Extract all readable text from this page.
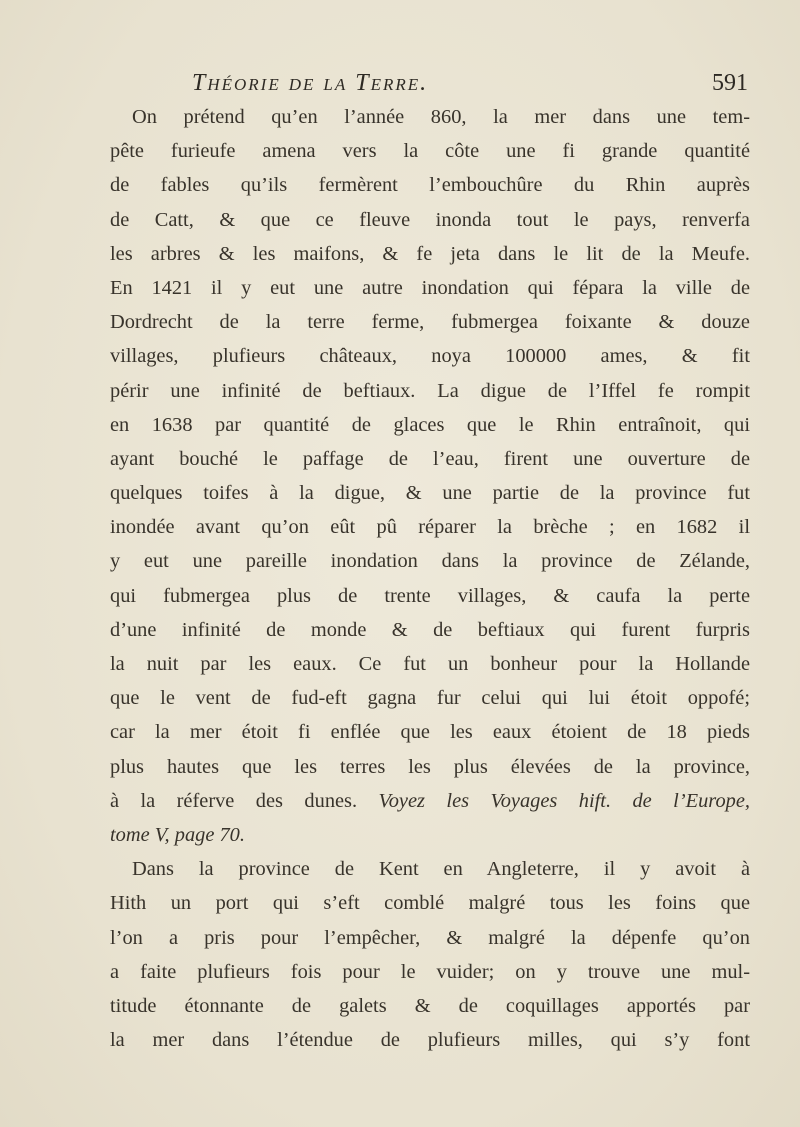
Théorie de la Terre.	591
On prétend qu’en l’année 860, la mer dans une tem-
pête furieufe amena vers la côte une fi grande quantité
de fables qu’ils fermèrent l’embouchûre du Rhin auprès
de Catt, & que ce fleuve inonda tout le pays, renverfa
les arbres & les maifons, & fe jeta dans le lit de la Meufe.
En 1421 il y eut une autre inondation qui fépara la ville de
Dordrecht de la terre ferme, fubmergea foixante & douze
villages, plufieurs châteaux, noya 100000 ames, & fit
périr une infinité de beftiaux. La digue de l’Iffel fe rompit
en 1638 par quantité de glaces que le Rhin entraînoit, qui
ayant bouché le paffage de l’eau, firent une ouverture de
quelques toifes à la digue, & une partie de la province fut
inondée avant qu’on eût pû réparer la brèche ; en 1682 il
y eut une pareille inondation dans la province de Zélande,
qui fubmergea plus de trente villages, & caufa la perte
d’une infinité de monde & de beftiaux qui furent furpris
la nuit par les eaux. Ce fut un bonheur pour la Hollande
que le vent de fud-eft gagna fur celui qui lui étoit oppofé;
car la mer étoit fi enflée que les eaux étoient de 18 pieds
plus hautes que les terres les plus élevées de la province,
à la réferve des dunes. Voyez les Voyages hift. de l’Europe,
tome V, page 70.
Dans la province de Kent en Angleterre, il y avoit à
Hith un port qui s’eft comblé malgré tous les foins que
l’on a pris pour l’empêcher, & malgré la dépenfe qu’on
a faite plufieurs fois pour le vuider; on y trouve une mul-
titude étonnante de galets & de coquillages apportés par
la mer dans l’étendue de plufieurs milles, qui s’y font
